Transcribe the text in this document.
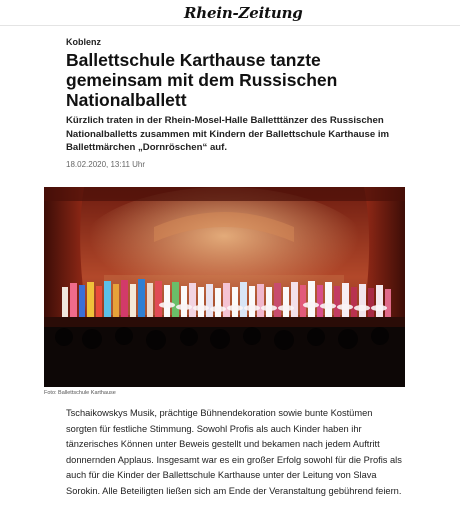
Rhein-Zeitung
Koblenz
Ballettschule Karthause tanzte gemeinsam mit dem Russischen Nationalballett

Kürzlich traten in der Rhein-Mosel-Halle Balletttänzer des Russischen Nationalballetts zusammen mit Kindern der Ballettschule Karthause im Ballettmärchen „Dornröschen“ auf.

18.02.2020, 13:11 Uhr
Foto: Ballettschule Karthause

Tschaikowskys Musik, prächtige Bühnendekoration sowie bunte Kostümen sorgten für festliche Stimmung. Sowohl Profis als auch Kinder haben ihr tänzerisches Können unter Beweis gestellt und bekamen nach jedem Auftritt donnernden Applaus. Insgesamt war es ein großer Erfolg sowohl für die Profis als auch für die Kinder der Ballettschule Karthause unter der Leitung von Slava Sorokin. Alle Beteiligten ließen sich am Ende der Veranstaltung gebührend feiern.
